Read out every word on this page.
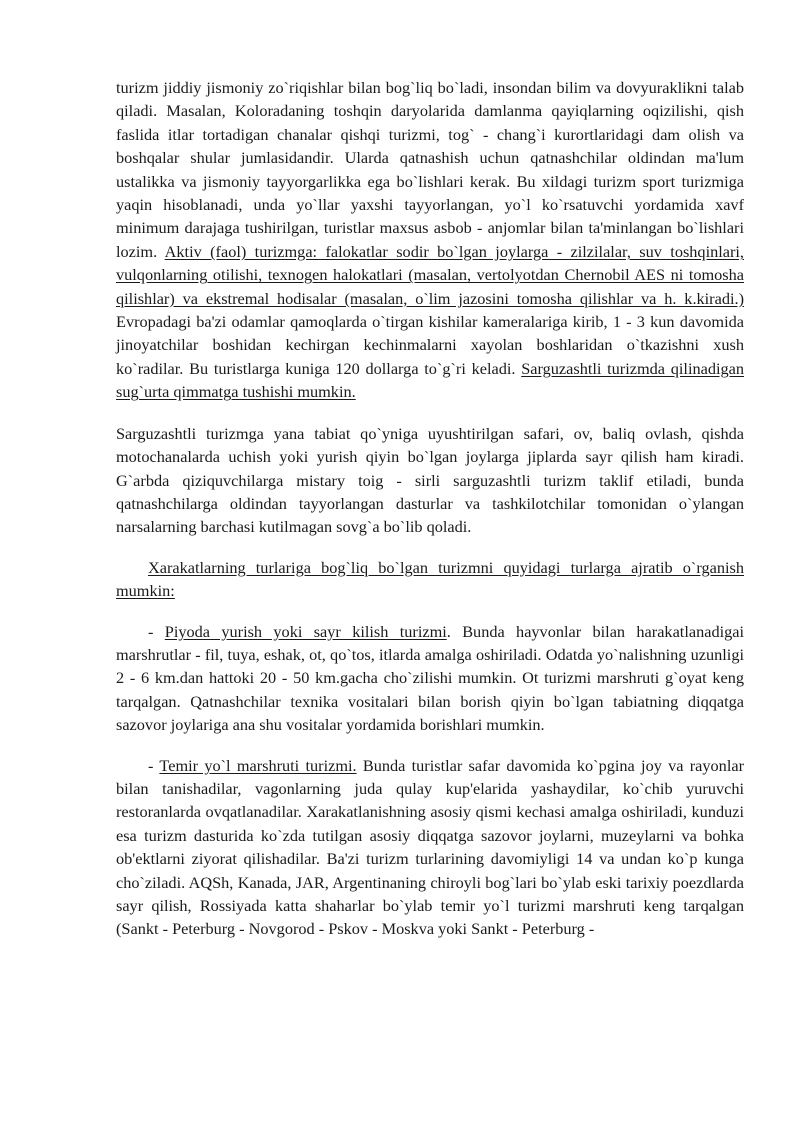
turizm jiddiy jismoniy zo`riqishlar bilan bog`liq bo`ladi, insondan bilim va dovyuraklikni talab qiladi. Masalan, Koloradaning toshqin daryolarida damlanma qayiqlarning oqizilishi, qish faslida itlar tortadigan chanalar qishqi turizmi, tog` - chang`i kurortlaridagi dam olish va boshqalar shular jumlasidandir. Ularda qatnashish uchun qatnashchilar oldindan ma'lum ustalikka va jismoniy tayyorgarlikka ega bo`lishlari kerak. Bu xildagi turizm sport turizmiga yaqin hisoblanadi, unda yo`llar yaxshi tayyorlangan, yo`l ko`rsatuvchi yordamida xavf minimum darajaga tushirilgan, turistlar maxsus asbob - anjomlar bilan ta'minlangan bo`lishlari lozim. Aktiv (faol) turizmga: falokatlar sodir bo`lgan joylarga - zilzilalar, suv toshqinlari, vulqonlarning otilishi, texnogen halokatlari (masalan, vertolyotdan Chernobil AES ni tomosha qilishlar) va ekstremal hodisalar (masalan, o`lim jazosini tomosha qilishlar va h. k.kiradi.) Evropadagi ba'zi odamlar qamoqlarda o`tirgan kishilar kameralariga kirib, 1 - 3 kun davomida jinoyatchilar boshidan kechirgan kechinmalarni xayolan boshlaridan o`tkazishni xush ko`radilar. Bu turistlarga kuniga 120 dollarga to`g`ri keladi. Sarguzashtli turizmda qilinadigan sug`urta qimmatga tushishi mumkin.

Sarguzashtli turizmga yana tabiat qo`yniga uyushtirilgan safari, ov, baliq ovlash, qishda motochanalarda uchish yoki yurish qiyin bo`lgan joylarga jiplarda sayr qilish ham kiradi. G`arbda qiziquvchilarga mistary toig - sirli sarguzashtli turizm taklif etiladi, bunda qatnashchilarga oldindan tayyorlangan dasturlar va tashkilotchilar tomonidan o`ylangan narsalarning barchasi kutilmagan sovg`a bo`lib qoladi.

Xarakatlarning turlariga bog`liq bo`lgan turizmni quyidagi turlarga ajratib o`rganish mumkin:

- Piyoda yurish yoki sayr kilish turizmi. Bunda hayvonlar bilan harakatlanadigai marshrutlar - fil, tuya, eshak, ot, qo`tos, itlarda amalga oshiriladi. Odatda yo`nalishning uzunligi 2 - 6 km.dan hattoki 20 - 50 km.gacha cho`zilishi mumkin. Ot turizmi marshruti g`oyat keng tarqalgan. Qatnashchilar texnika vositalari bilan borish qiyin bo`lgan tabiatning diqqatga sazovor joylariga ana shu vositalar yordamida borishlari mumkin.

- Temir yo`l marshruti turizmi. Bunda turistlar safar davomida ko`pgina joy va rayonlar bilan tanishadilar, vagonlarning juda qulay kup'elarida yashaydilar, ko`chib yuruvchi restoranlarda ovqatlanadilar. Xarakatlanishning asosiy qismi kechasi amalga oshiriladi, kunduzi esa turizm dasturida ko`zda tutilgan asosiy diqqatga sazovor joylarni, muzeylarni va bohka ob'ektlarni ziyorat qilishadilar. Ba'zi turizm turlarining davomiyligi 14 va undan ko`p kunga cho`ziladi. AQSh, Kanada, JAR, Argentinaning chiroyli bog`lari bo`ylab eski tarixiy poezdlarda sayr qilish, Rossiyada katta shaharlar bo`ylab temir yo`l turizmi marshruti keng tarqalgan (Sankt - Peterburg - Novgorod - Pskov - Moskva yoki Sankt - Peterburg -
